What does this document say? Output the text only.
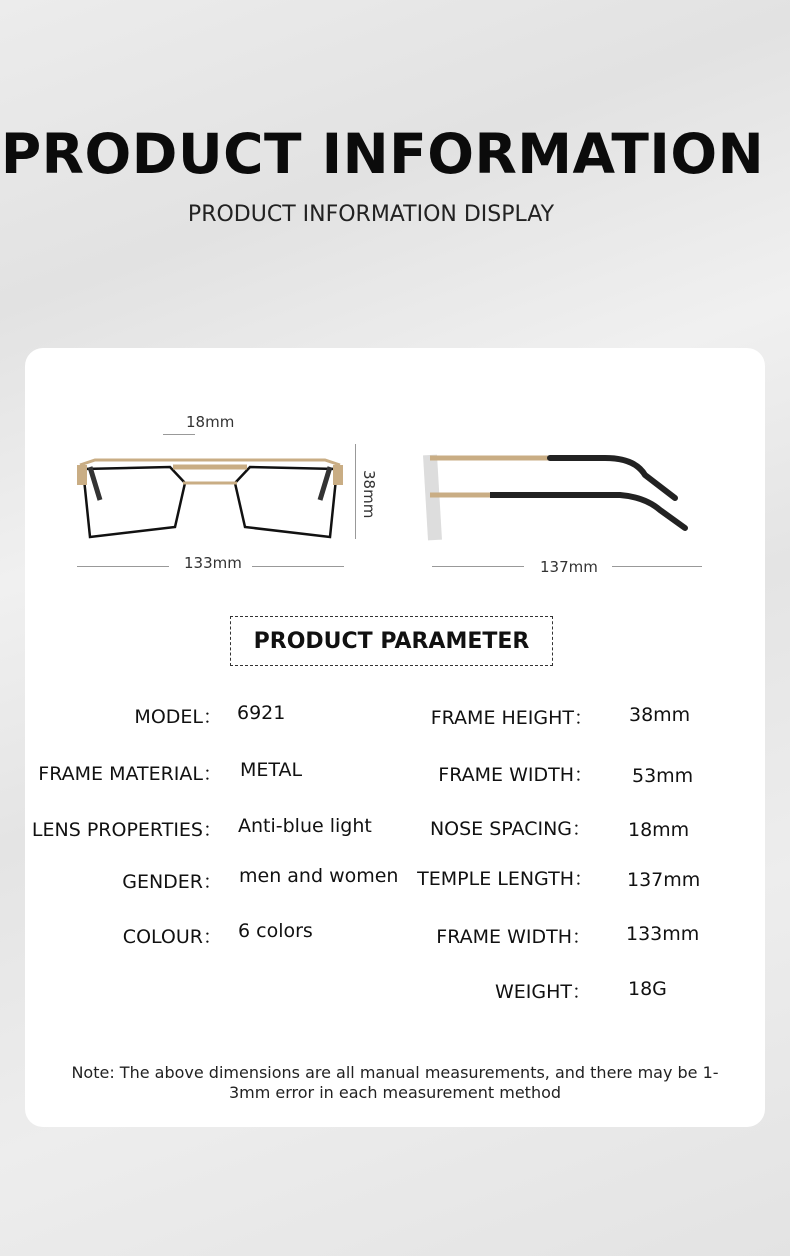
PRODUCT INFORMATION
PRODUCT INFORMATION DISPLAY
18mm
38mm
133mm	137mm
PRODUCT PARAMETER
MODEL： 6921
FRAME MATERIAL： METAL
LENS PROPERTIES： Anti-blue light
GENDER： men and women
COLOUR： 6 colors
FRAME HEIGHT： 38mm
FRAME WIDTH： 53mm
NOSE SPACING： 18mm
TEMPLE LENGTH： 137mm
FRAME WIDTH： 133mm
WEIGHT： 18G
Note: The above dimensions are all manual measurements, and there may be 1-3mm error in each measurement method
